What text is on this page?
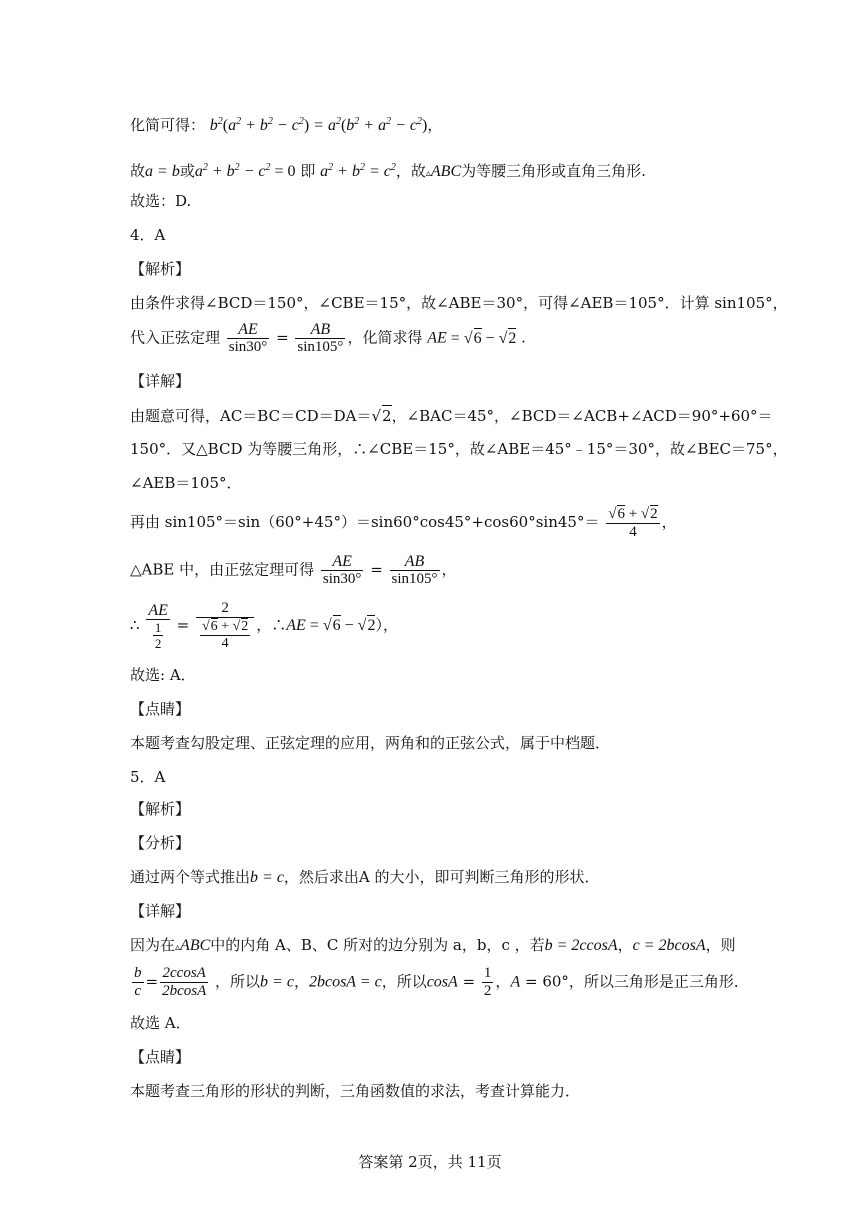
化简可得： $b^2(a^2 + b^2 - c^2) = a^2(b^2 + a^2 - c^2)$，
故a = b或$a^2 + b^2 - c^2 = 0$ 即 $a^2 + b^2 = c^2$，故▵ABC为等腰三角形或直角三角形.
故选：D.
4．A
【解析】
由条件求得∠BCD＝150°，∠CBE＝15°，故∠ABE＝30°，可得∠AEB＝105°．计算 sin105°，
代入正弦定理 $\frac{AE}{\sin 30^\circ} = \frac{AB}{\sin 105^\circ}$ ，化简求得 AE = √6 − √2 .
【详解】
由题意可得，AC＝BC＝CD＝DA＝√2，∠BAC＝45°，∠BCD＝∠ACB+∠ACD＝90°+60°＝
150°．又△BCD 为等腰三角形，∴∠CBE＝15°，故∠ABE＝45°﹣15°＝30°，故∠BEC＝75°，
∠AEB＝105°．
再由 $\sin 105^\circ=\sin(60^\circ+45^\circ)=\sin 60^\circ\cos 45^\circ+\cos 60^\circ\sin 45^\circ= \frac{√6 + √2}{4}$ ，
△ABE 中，由正弦定理可得 $\frac{AE}{\sin 30^\circ} = \frac{AB}{\sin 105^\circ}$ ，
∴ $\frac{AE}{\frac{1}{2}} = \frac{2}{\frac{√6 + √2}{4}}$ ，∴AE = √6 − √2），
故选: A．
【点睛】
本题考查勾股定理、正弦定理的应用，两角和的正弦公式，属于中档题．
5．A
【解析】
【分析】
通过两个等式推出b = c，然后求出A 的大小，即可判断三角形的形状．
【详解】
因为在▵ABC中的内角 A、B、C 所对的边分别为 a，b，c ，若b = 2ccosA，c = 2bcosA，则
$\frac{b}{c} = \frac{2ccosA}{2bcosA}$ ，所以b = c，2bcosA = c，所以$\cos A = \frac{1}{2}$ ，A = 60°，所以三角形是正三角形．
故选 A．
【点睛】
本题考查三角形的形状的判断，三角函数值的求法，考查计算能力．
答案第 2页，共 11页
